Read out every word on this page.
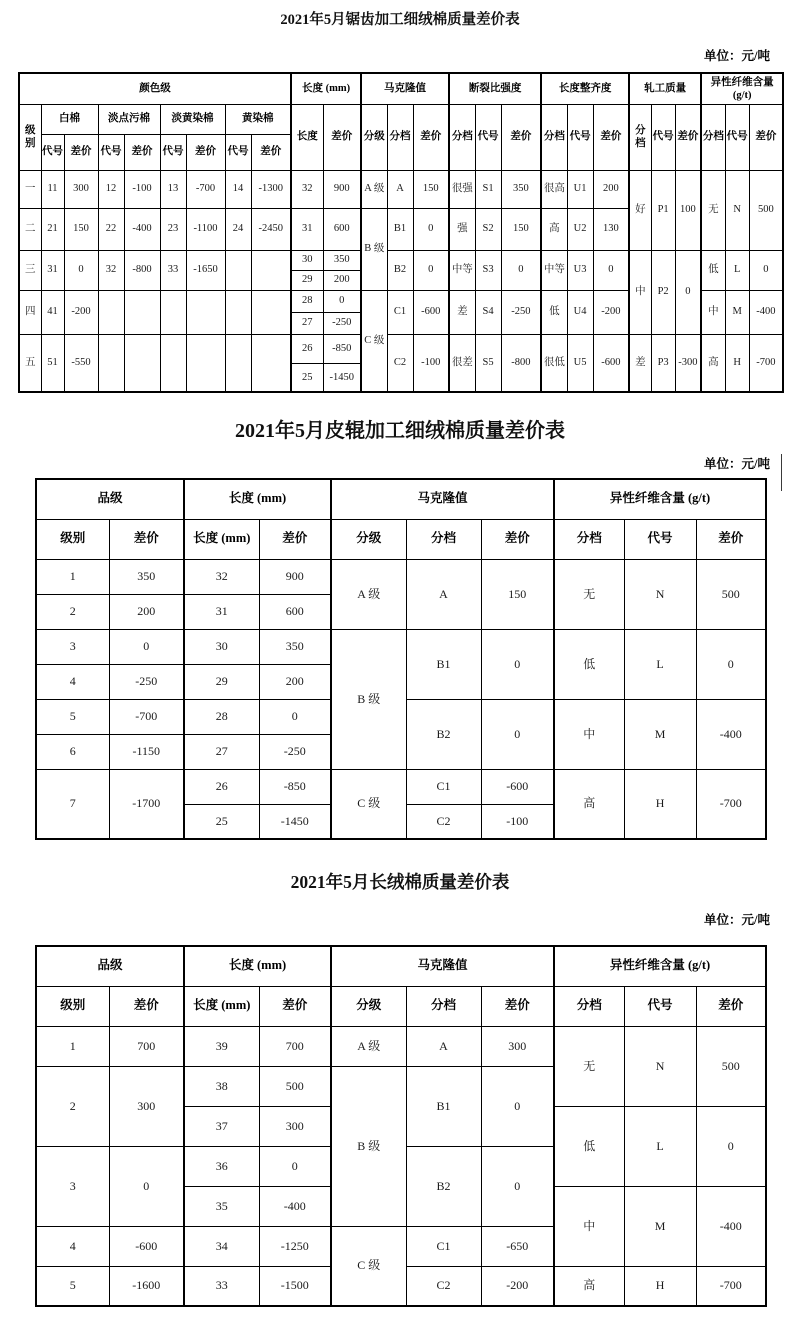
2021年5月锯齿加工细绒棉质量差价表
单位：元/吨
颜色级									长度 (mm)		马克隆值			断裂比强度			长度整齐度			轧工质量			异性纤维含量
(g/t)		

级别	白棉		淡点污棉		淡黄染棉		黄染棉		长度	差价	分级	分档	差价	分档	代号	差价	分档	代号	差价	分档	代号	差价	分档	代号	差价
	代号	差价	代号	差价	代号	差价	代号	差价																	
一	11	300	12	-100	13	-700	14	-1300	32	900	A 级	A	150	很强	S1	350	很高	U1	200	好	P1	100	无	N	500
二	21	150	22	-400	23	-1100	24	-2450	31	600	B 级	B1	0	强	S2	150	高	U2	130						
三	31	0	32	-800	33	-1650			30	350		B2	0	中等	S3	0	中等	U3	0	中	P2	0	低	L	0
									29	200															
四	41	-200							28	0	C 级	C1	-600	差	S4	-250	低	U4	-200				中	M	-400
									27	-250															
五	51	-550							26	-850		C2	-100	很差	S5	-800	很低	U5	-600	差	P3	-300	高	H	-700
									25	-1450															
2021年5月皮辊加工细绒棉质量差价表
单位：元/吨
品级		长度 (mm)		马克隆值			异性纤维含量 (g/t)		
级别	差价	长度 (mm)	差价	分级	分档	差价	分档	代号	差价
1	350	32	900	A 级	A	150	无	N	500
2	200	31	600						
3	0	30	350	B 级	B1	0	低	L	0
4	-250	29	200						
5	-700	28	0		B2	0	中	M	-400
6	-1150	27	-250						
7	-1700	26	-850	C 级	C1	-600	高	H	-700
		25	-1450		C2	-100			
2021年5月长绒棉质量差价表
单位：元/吨
品级		长度 (mm)		马克隆值			异性纤维含量 (g/t)		
级别	差价	长度 (mm)	差价	分级	分档	差价	分档	代号	差价
1	700	39	700	A 级	A	300	无	N	500
2	300	38	500	B 级	B1	0			
		37	300				低	L	0
3	0	36	0		B2	0			
		35	-400				中	M	-400
4	-600	34	-1250	C 级	C1	-650			
5	-1600	33	-1500		C2	-200	高	H	-700
